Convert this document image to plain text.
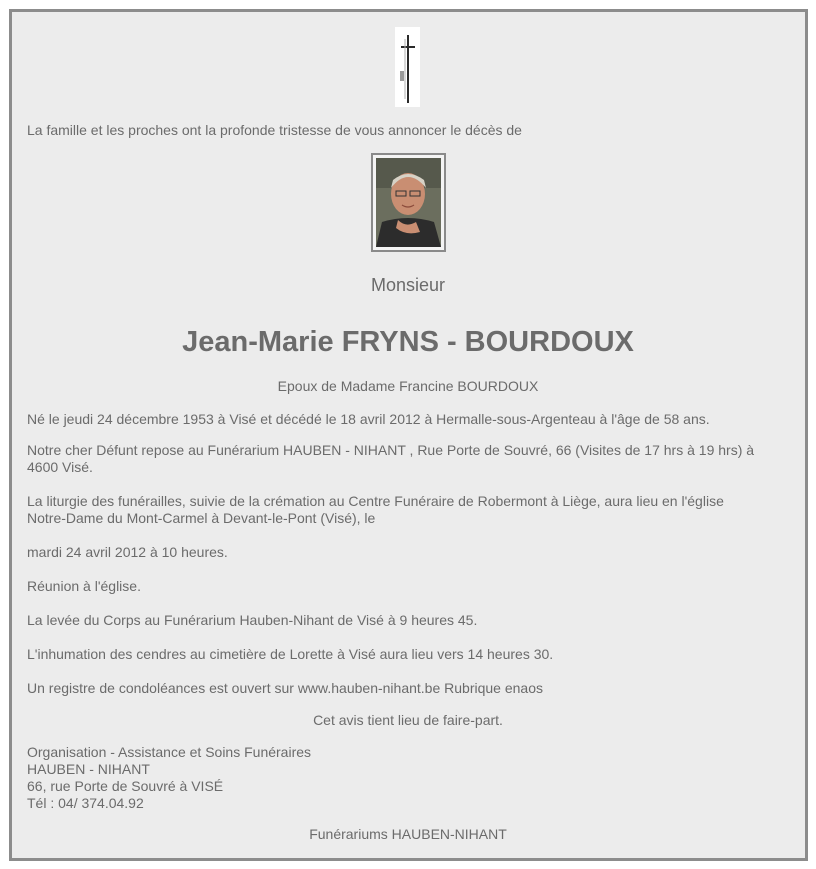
La famille et les proches ont la profonde tristesse de vous annoncer le décès de

Monsieur
Jean-Marie FRYNS - BOURDOUX

Epoux de Madame Francine BOURDOUX

Né le jeudi 24 décembre 1953 à Visé et décédé le 18 avril 2012 à Hermalle-sous-Argenteau à l'âge de 58 ans.

Notre cher Défunt repose au Funérarium HAUBEN - NIHANT , Rue Porte de Souvré, 66 (Visites de 17 hrs à 19 hrs) à

4600 Visé.

La liturgie des funérailles, suivie de la crémation au Centre Funéraire de Robermont à Liège, aura lieu en l'église

Notre-Dame du Mont-Carmel à Devant-le-Pont (Visé), le

mardi 24 avril 2012 à 10 heures.

Réunion à l'église.

La levée du Corps au Funérarium Hauben-Nihant de Visé à 9 heures 45.

L'inhumation des cendres au cimetière de Lorette à Visé aura lieu vers 14 heures 30.

Un registre de condoléances est ouvert sur www.hauben-nihant.be Rubrique enaos

Cet avis tient lieu de faire-part.

Organisation - Assistance et Soins Funéraires

HAUBEN - NIHANT

66, rue Porte de Souvré à VISÉ

Tél : 04/ 374.04.92

Funérariums HAUBEN-NIHANT
